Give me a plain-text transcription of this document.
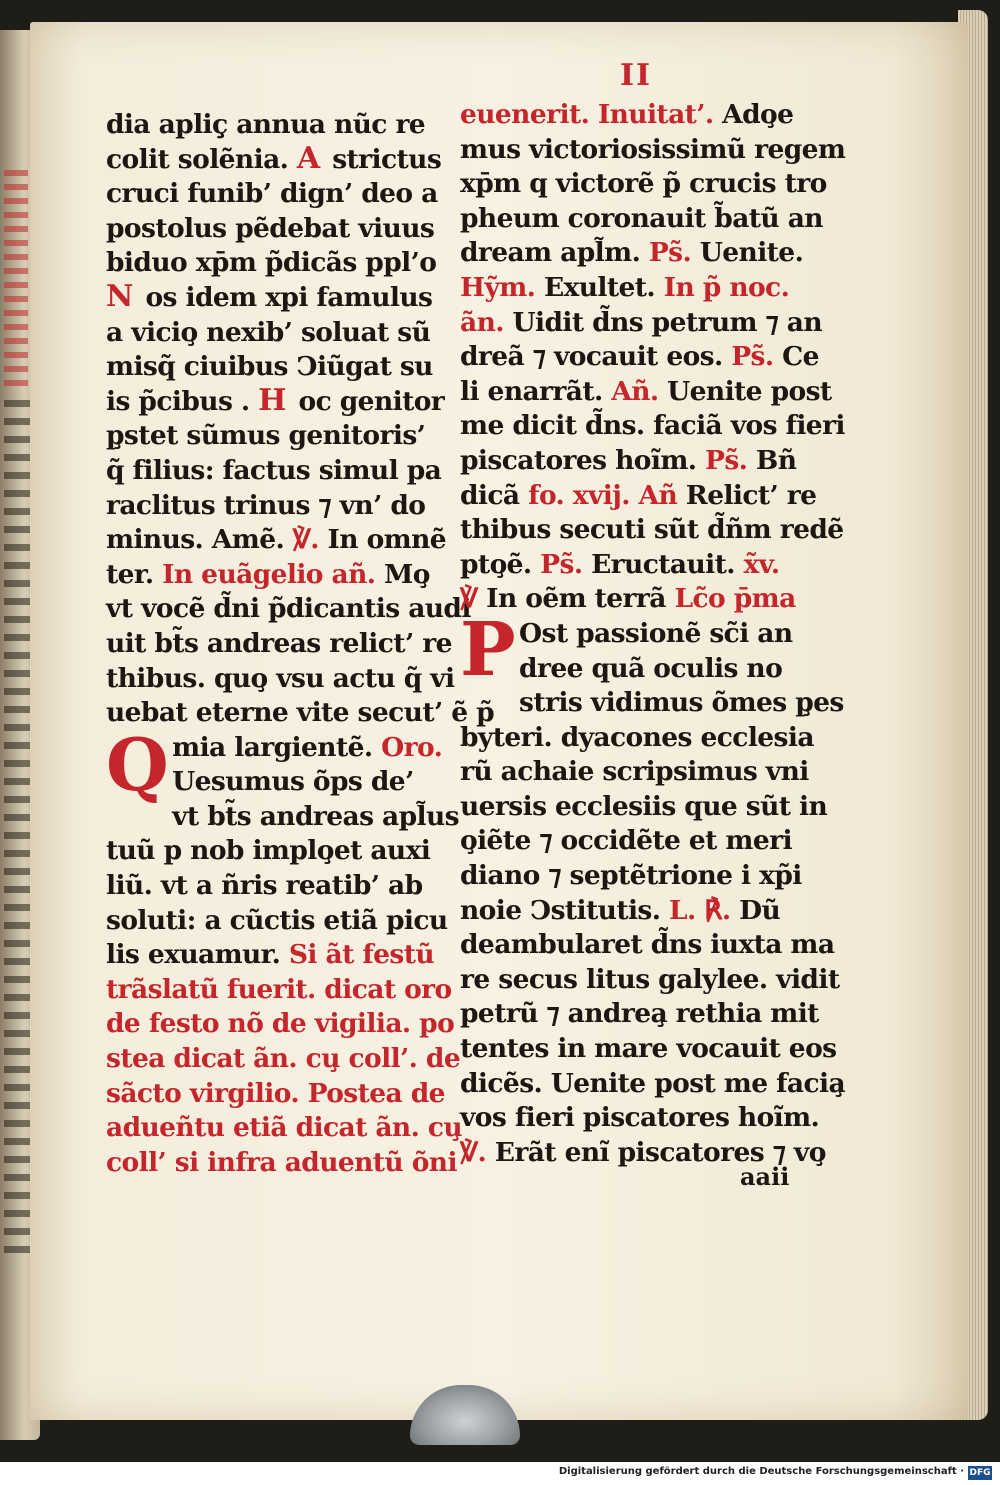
II
dia apliç̧ annua nũc re
colit solẽnia. A strictus
cruci funib’ dign’ deo a
postolus pẽdebat viuus
biduo xp̄m p̃dicãs ppl’o
N os idem xpi famulus
a vicio̧ nexib’ soluat sũ
misq̃ ciuibus Ↄiũgat su
is p̃cibus . H oc genitor
p̧stet sũmus genitoris’
q̃ filius: factus simul pa
raclitus trinus ⁊ vn’ do
minus. Amẽ. ℣. In omnẽ
ter. In euãgelio añ. Mo̧
vt vocẽ d̃ni p̃dicantis audi
uit bt̃s andreas relict’ re
thibus. quo̧ vsu actu q̃ vi
uebat eterne vite secut’ ẽ p̃
Q mia largientẽ. Oro.
Uesumus õps de’
vt bt̃s andreas apl̃us
tuũ p nob implo̧et auxi
liũ. vt a ñris reatib’ ab
soluti: a cũctis etiã picu
lis exuamur. Si ãt festũ
trãslatũ fuerit. dicat oro
de festo nõ de vigilia. po
stea dicat ãn. cu̧ coll’. de
sãcto virgilio. Postea de
adueñtu etiã dicat ãn. cu̧
coll’ si infra aduentũ õni
euenerit. Inuitat’. Ado̧e
mus victoriosissimũ regem
xp̄m q victorẽ p̃ crucis tro
pheum coronauit b̃atũ an
dream apl̃m. Ps̃. Uenite.
Hỹm. Exultet. In p̃ noc.
ãn. Uidit d̃ns petrum ⁊ an
dreã ⁊ vocauit eos. Ps̃. Ce
li enarrãt. Añ. Uenite post
me dicit d̃ns. faciã vos fieri
piscatores hoĩm. Ps̃. Bñ
dicã fo. xvij. Añ Relict’ re
thibus secuti sũt d̃ñm redẽ
pto̧ẽ. Ps̃. Eructauit. x̃v.
℣ In oẽm terrã Lc̃o p̄ma
P Ost passionẽ sc̃i an
dree quã oculis no
stris vidimus õmes p̧es
byteri. dyacones ecclesia
rũ achaie scripsimus vni
uersis ecclesiis que sũt in
o̧iẽte ⁊ occidẽte et meri
diano ⁊ septẽtrione i xp̃i
noie Ↄstitutis. L. ℟. Dũ
deambularet d̃ns iuxta ma
re secus litus galylee. vidit
petrũ ⁊ andrea̧ rethia mit
tentes in mare vocauit eos
dicẽs. Uenite post me facia̧
vos fieri piscatores hoĩm.
℣. Erãt enĩ piscatores ⁊ vo̧
aaii
Digitalisierung gefördert durch die Deutsche Forschungsgemeinschaft · DFG
